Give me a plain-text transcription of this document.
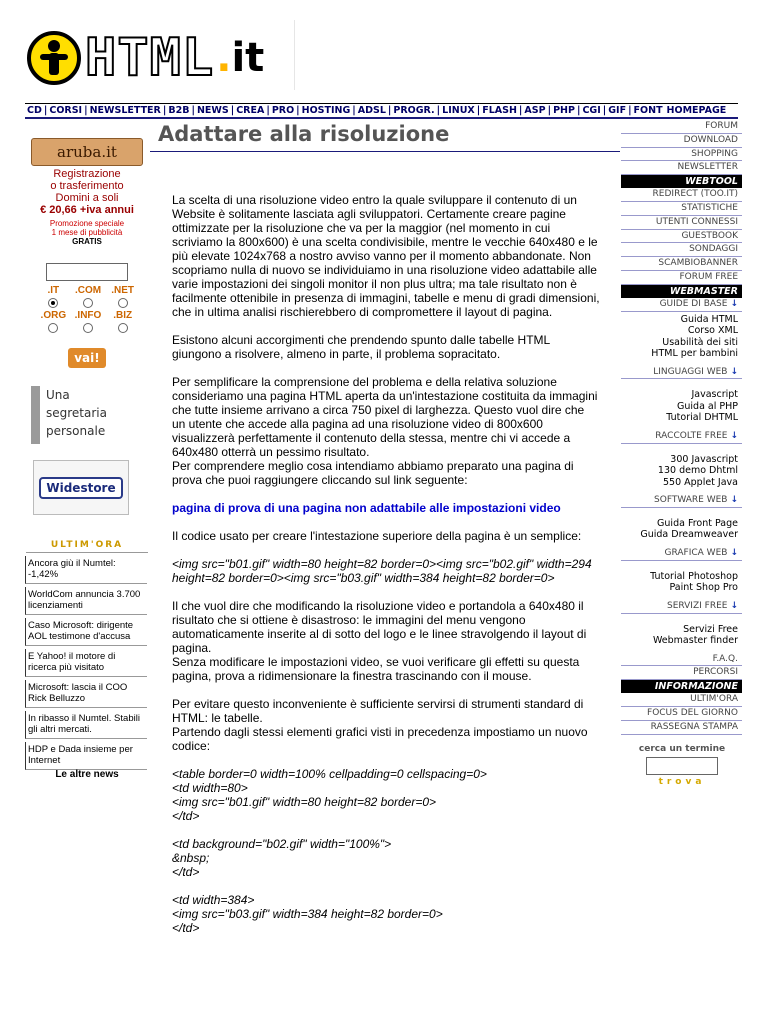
HTML .it
CD | CORSI | NEWSLETTER | B2B | NEWS | CREA | PRO | HOSTING | ADSL | PROGR. | LINUX | FLASH | ASP | PHP | CGI | GIF | FONT HOMEPAGE
Adattare alla risoluzione
aruba.it
Registrazione
o trasferimento
Domini a soli
€ 20,66 +iva annui
Promozione speciale
1 mese di pubblicità
GRATIS
.IT .COM .NET
.ORG .INFO .BIZ
vai!
Una
segretaria
personale
Widestore
ULTIM'ORA
Ancora giù il Numtel: -1,42%
WorldCom annuncia 3.700 licenziamenti
Caso Microsoft: dirigente AOL testimone d'accusa
E Yahoo! il motore di ricerca più visitato
Microsoft: lascia il COO Rick Belluzzo
In ribasso il Numtel. Stabili gli altri mercati.
HDP e Dada insieme per Internet
Le altre news

La scelta di una risoluzione video entro la quale sviluppare il contenuto di un Website è solitamente lasciata agli sviluppatori. Certamente creare pagine ottimizzate per la risoluzione che va per la maggior (nel momento in cui scriviamo la 800x600) è una scelta condivisibile, mentre le vecchie 640x480 e le più elevate 1024x768 a nostro avviso vanno per il momento abbandonate. Non scopriamo nulla di nuovo se individuiamo in una risoluzione video adattabile alle varie impostazioni dei singoli monitor il non plus ultra; ma tale risultato non è facilmente ottenibile in presenza di immagini, tabelle e menu di gradi dimensioni, che in ultima analisi rischierebbero di compromettere il layout di pagina.

Esistono alcuni accorgimenti che prendendo spunto dalle tabelle HTML giungono a risolvere, almeno in parte, il problema sopracitato.

Per semplificare la comprensione del problema e della relativa soluzione consideriamo una pagina HTML aperta da un'intestazione costituita da immagini che tutte insieme arrivano a circa 750 pixel di larghezza. Questo vuol dire che un utente che accede alla pagina ad una risoluzione video di 800x600 visualizzerà perfettamente il contenuto della stessa, mentre chi vi accede a 640x480 otterrà un pessimo risultato.
Per comprendere meglio cosa intendiamo abbiamo preparato una pagina di prova che puoi raggiungere cliccando sul link seguente:

pagina di prova di una pagina non adattabile alle impostazioni video

Il codice usato per creare l'intestazione superiore della pagina è un semplice:

<img src="b01.gif" width=80 height=82 border=0><img src="b02.gif" width=294 height=82 border=0><img src="b03.gif" width=384 height=82 border=0>

Il che vuol dire che modificando la risoluzione video e portandola a 640x480 il risultato che si ottiene è disastroso: le immagini del menu vengono automaticamente inserite al di sotto del logo e le linee stravolgendo il layout di pagina.
Senza modificare le impostazioni video, se vuoi verificare gli effetti su questa pagina, prova a ridimensionare la finestra trascinando con il mouse.

Per evitare questo inconveniente è sufficiente servirsi di strumenti standard di HTML: le tabelle.
Partendo dagli stessi elementi grafici visti in precedenza impostiamo un nuovo codice:

<table border=0 width=100% cellpadding=0 cellspacing=0>
<td width=80>
<img src="b01.gif" width=80 height=82 border=0>
</td>

<td background="b02.gif" width="100%">
&nbsp;
</td>

<td width=384>
<img src="b03.gif" width=384 height=82 border=0>
</td>

FORUM
DOWNLOAD
SHOPPING
NEWSLETTER
WEBTOOL
REDIRECT (TOO.IT)
STATISTICHE
UTENTI CONNESSI
GUESTBOOK
SONDAGGI
SCAMBIOBANNER
FORUM FREE
WEBMASTER
GUIDE DI BASE ↓
Guida HTML
Corso XML
Usabilità dei siti
HTML per bambini
LINGUAGGI WEB ↓
Javascript
Guida al PHP
Tutorial DHTML
RACCOLTE FREE ↓
300 Javascript
130 demo Dhtml
550 Applet Java
SOFTWARE WEB ↓
Guida Front Page
Guida Dreamweaver
GRAFICA WEB ↓
Tutorial Photoshop
Paint Shop Pro
SERVIZI FREE ↓
Servizi Free
Webmaster finder
F.A.Q.
PERCORSI
INFORMAZIONE
ULTIM'ORA
FOCUS DEL GIORNO
RASSEGNA STAMPA
cerca un termine
trova
